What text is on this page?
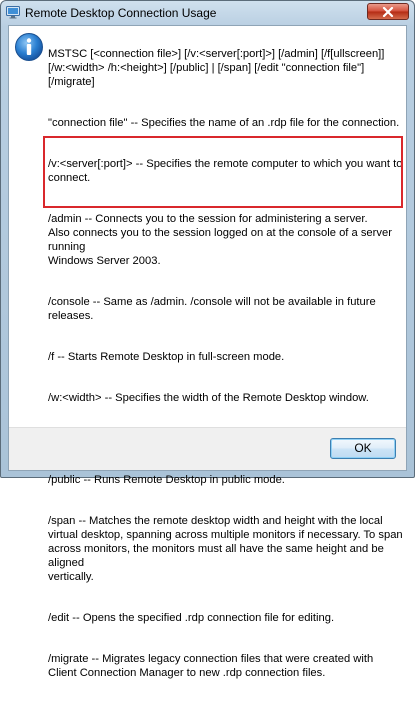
Remote Desktop Connection Usage

MSTSC [<connection file>] [/v:<server[:port]>] [/admin] [/f[ullscreen]]
[/w:<width> /h:<height>] [/public] | [/span] [/edit "connection file"] [/migrate]

"connection file" -- Specifies the name of an .rdp file for the connection.

/v:<server[:port]> -- Specifies the remote computer to which you want to
connect.

/admin -- Connects you to the session for administering a server.
Also connects you to the session logged on at the console of a server running
Windows Server 2003.

/console -- Same as /admin. /console will not be available in future releases.

/f -- Starts Remote Desktop in full-screen mode.

/w:<width> -- Specifies the width of the Remote Desktop window.

/public -- Runs Remote Desktop in public mode.

/span -- Matches the remote desktop width and height with the local
virtual desktop, spanning across multiple monitors if necessary. To span
across monitors, the monitors must all have the same height and be aligned
vertically.

/edit -- Opens the specified .rdp connection file for editing.

/migrate -- Migrates legacy connection files that were created with
Client Connection Manager to new .rdp connection files.

OK
